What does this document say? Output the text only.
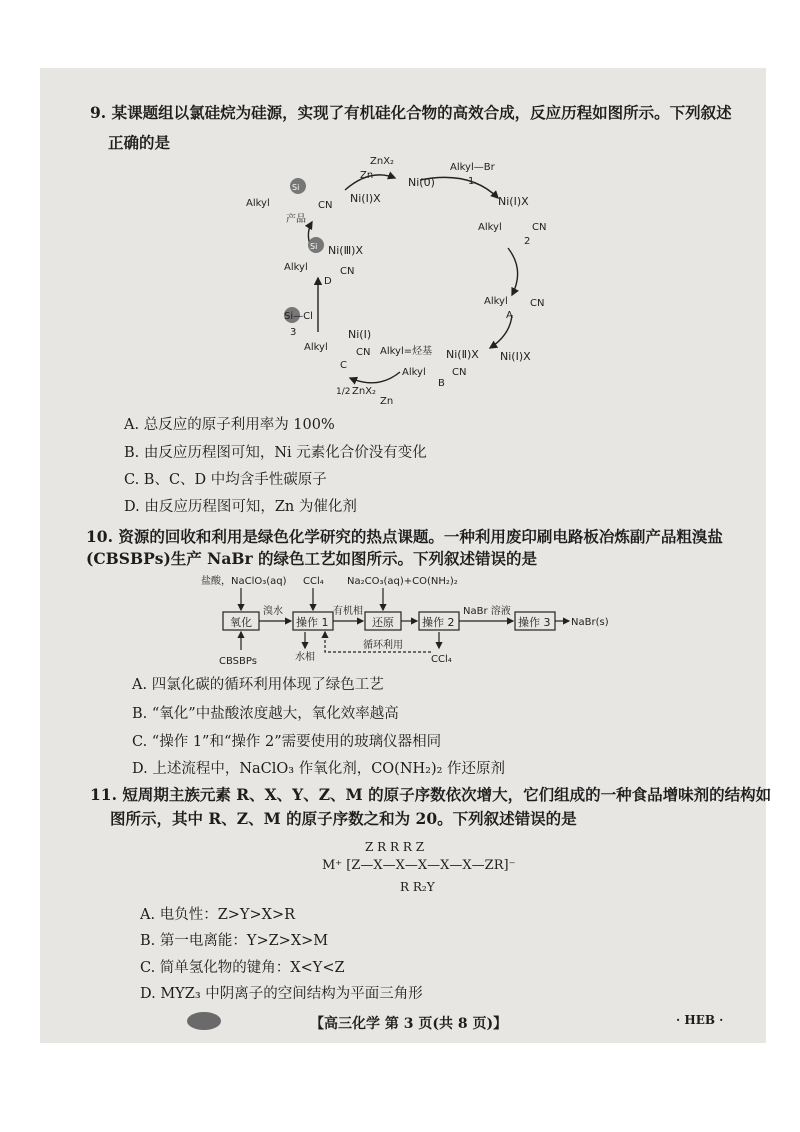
9. 某课题组以氯硅烷为硅源，实现了有机硅化合物的高效合成，反应历程如图所示。下列叙述
正确的是
ZnX₂
Zn
Ni(0)
Alkyl—Br
1
Ni(Ⅰ)X
Alkyl	CN
2
Alkyl CN
A
Ni(Ⅱ)X Ni(Ⅰ)X
Alkyl	CN
B
Alkyl=烃基
1/2 ZnX₂
Zn
Ni(Ⅰ)
Alkyl	CN
C
Si—Cl
3
D
Si Ni(Ⅲ)X
Alkyl	CN
Si
Alkyl	CN
产品
Ni(Ⅰ)X
A. 总反应的原子利用率为 100%
B. 由反应历程图可知，Ni 元素化合价没有变化
C. B、C、D 中均含手性碳原子
D. 由反应历程图可知，Zn 为催化剂
10. 资源的回收和利用是绿色化学研究的热点课题。一种利用废印刷电路板冶炼副产品粗溴盐
(CBSBPs)生产 NaBr 的绿色工艺如图所示。下列叙述错误的是
盐酸，NaClO₃(aq) CCl₄ Na₂CO₃(aq)+CO(NH₂)₂
氧化	操作 1	还原	操作 2	操作 3
溴水	有机相	NaBr 溶液
NaBr(s)
CBSBPs	水相
循环利用
CCl₄
A. 四氯化碳的循环利用体现了绿色工艺
B. “氧化”中盐酸浓度越大，氧化效率越高
C. “操作 1”和“操作 2”需要使用的玻璃仪器相同
D. 上述流程中，NaClO₃ 作氧化剂，CO(NH₂)₂ 作还原剂
11. 短周期主族元素 R、X、Y、Z、M 的原子序数依次增大，它们组成的一种食品增味剂的结构如
图所示，其中 R、Z、M 的原子序数之和为 20。下列叙述错误的是
Z R R R Z
M⁺ [Z—X—X—X—X—X—ZR]⁻
R R₂Y
A. 电负性：Z>Y>X>R
B. 第一电离能：Y>Z>X>M
C. 简单氢化物的键角：X<Y<Z
D. MYZ₃ 中阴离子的空间结构为平面三角形
【高三化学 第 3 页(共 8 页)】	· HEB ·
